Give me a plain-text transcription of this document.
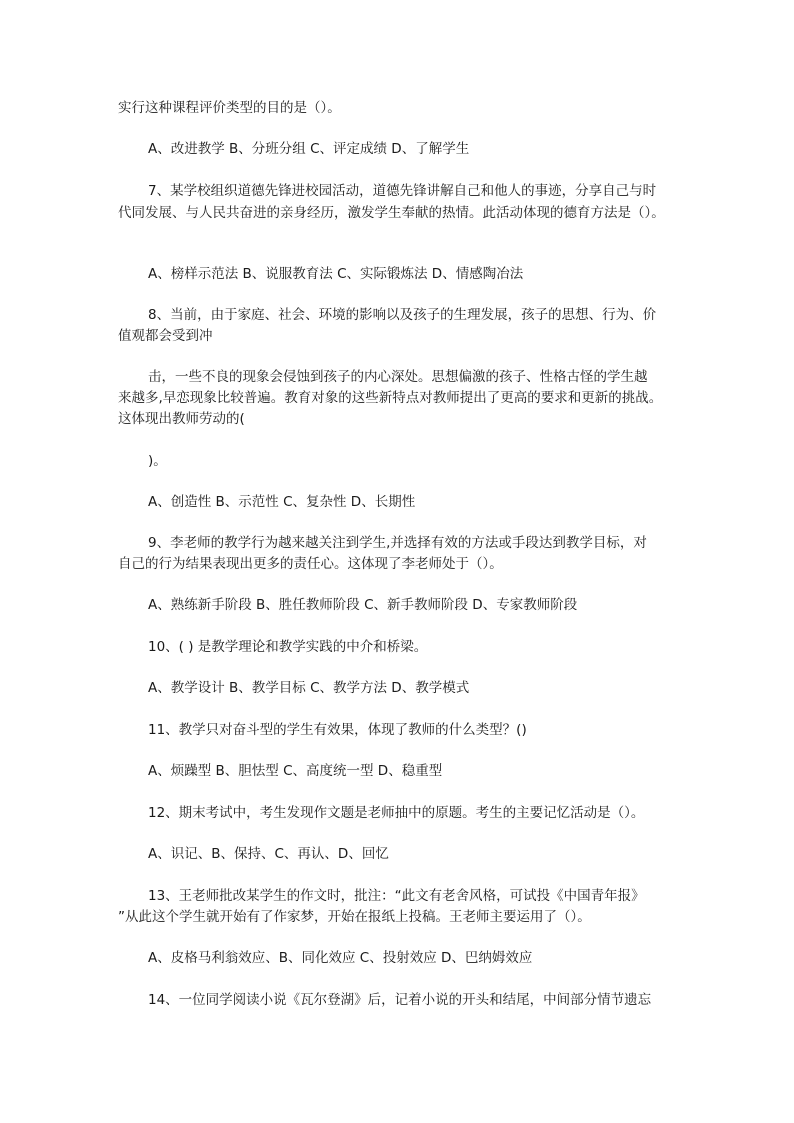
实行这种课程评价类型的目的是（）。
A、改进教学 B、分班分组 C、评定成绩 D、了解学生
7、某学校组织道德先锋进校园活动，道德先锋讲解自己和他人的事迹，分享自己与时
代同发展、与人民共奋进的亲身经历，激发学生奉献的热情。此活动体现的德育方法是（）。
A、榜样示范法 B、说服教育法 C、实际锻炼法 D、情感陶冶法
8、当前，由于家庭、社会、环境的影响以及孩子的生理发展，孩子的思想、行为、价
值观都会受到冲
击，一些不良的现象会侵蚀到孩子的内心深处。思想偏激的孩子、性格古怪的学生越
来越多,早恋现象比较普遍。教育对象的这些新特点对教师提出了更高的要求和更新的挑战。
这体现出教师劳动的(
)。
A、创造性 B、示范性 C、复杂性 D、长期性
9、李老师的教学行为越来越关注到学生,并选择有效的方法或手段达到教学目标，对
自己的行为结果表现出更多的责任心。这体现了李老师处于（）。
A、熟练新手阶段 B、胜任教师阶段 C、新手教师阶段 D、专家教师阶段
10、( ) 是教学理论和教学实践的中介和桥梁。
A、教学设计 B、教学目标 C、教学方法 D、教学模式
11、教学只对奋斗型的学生有效果，体现了教师的什么类型？()
A、烦躁型 B、胆怯型 C、高度统一型 D、稳重型
12、期末考试中，考生发现作文题是老师抽中的原题。考生的主要记忆活动是（）。
A、识记、B、保持、C、再认、D、回忆
13、王老师批改某学生的作文时，批注：“此文有老舍风格，可试投《中国青年报》
”从此这个学生就开始有了作家梦，开始在报纸上投稿。王老师主要运用了（）。
A、皮格马利翁效应、B、同化效应 C、投射效应 D、巴纳姆效应
14、一位同学阅读小说《瓦尔登湖》后，记着小说的开头和结尾，中间部分情节遗忘
